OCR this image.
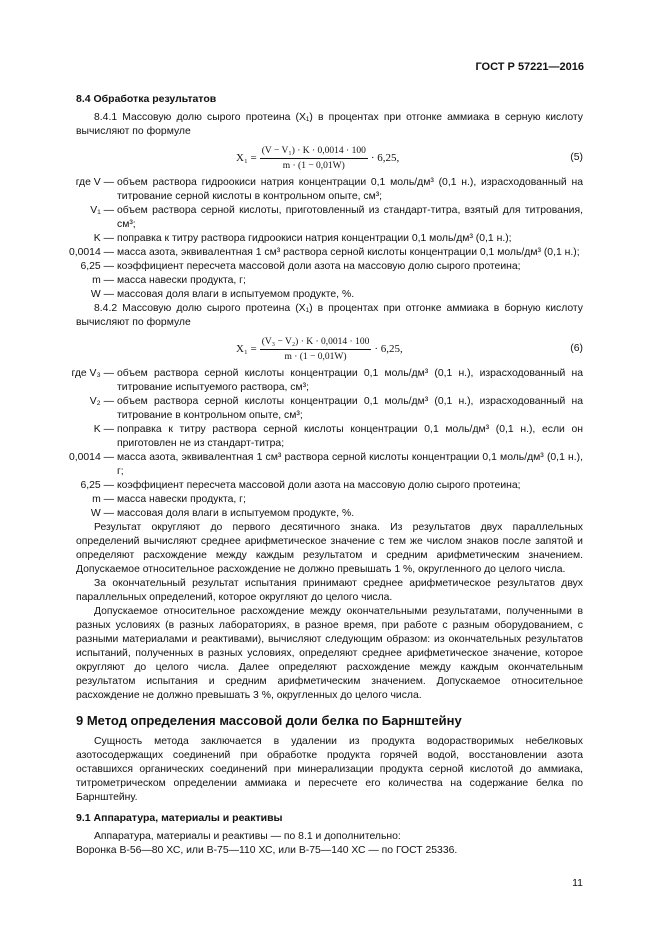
ГОСТ Р 57221—2016
8.4 Обработка результатов

8.4.1 Массовую долю сырого протеина (X₁) в процентах при отгонке аммиака в серную кислоту вычисляют по формуле

$X_1 = \frac{\text{(V − V₁) · K · 0,0014 · 100}}{m \cdot (1 - 0,01W)} \cdot 6,25$,	(5)
где V — объем раствора гидроокиси натрия концентрации 0,1 моль/дм³ (0,1 н.), израсходованный на титрование серной кислоты в контрольном опыте, см³;
V₁ — объем раствора серной кислоты, приготовленный из стандарт-титра, взятый для титрования, см³;
K — поправка к титру раствора гидроокиси натрия концентрации 0,1 моль/дм³ (0,1 н.);
0,0014 — масса азота, эквивалентная 1 см³ раствора серной кислоты концентрации 0,1 моль/дм³ (0,1 н.);
6,25 — коэффициент пересчета массовой доли азота на массовую долю сырого протеина;
m — масса навески продукта, г;
W — массовая доля влаги в испытуемом продукте, %.

8.4.2 Массовую долю сырого протеина (X₁) в процентах при отгонке аммиака в борную кислоту вычисляют по формуле

$X_1 = \frac{\text{(V₃ − V₂) · K · 0,0014 · 100}}{m \cdot (1 - 0,01W)} \cdot 6,25$,	(6)
где V₃ — объем раствора серной кислоты концентрации 0,1 моль/дм³ (0,1 н.), израсходованный на титрование испытуемого раствора, см³;
V₂ — объем раствора серной кислоты концентрации 0,1 моль/дм³ (0,1 н.), израсходованный на титрование в контрольном опыте, см³;
K — поправка к титру раствора серной кислоты концентрации 0,1 моль/дм³ (0,1 н.), если он приготовлен не из стандарт-титра;
0,0014 — масса азота, эквивалентная 1 см³ раствора серной кислоты концентрации 0,1 моль/дм³ (0,1 н.), г;
6,25 — коэффициент пересчета массовой доли азота на массовую долю сырого протеина;
m — масса навески продукта, г;
W — массовая доля влаги в испытуемом продукте, %.

Результат округляют до первого десятичного знака. Из результатов двух параллельных определений вычисляют среднее арифметическое значение с тем же числом знаков после запятой и определяют расхождение между каждым результатом и средним арифметическим значением. Допускаемое относительное расхождение не должно превышать 1 %, округленного до целого числа.

За окончательный результат испытания принимают среднее арифметическое результатов двух параллельных определений, которое округляют до целого числа.

Допускаемое относительное расхождение между окончательными результатами, полученными в разных условиях (в разных лабораториях, в разное время, при работе с разным оборудованием, с разными материалами и реактивами), вычисляют следующим образом: из окончательных результатов испытаний, полученных в разных условиях, определяют среднее арифметическое значение, которое округляют до целого числа. Далее определяют расхождение между каждым окончательным результатом испытания и средним арифметическим значением. Допускаемое относительное расхождение не должно превышать 3 %, округленных до целого числа.

9 Метод определения массовой доли белка по Барнштейну

Сущность метода заключается в удалении из продукта водорастворимых небелковых азотосодержащих соединений при обработке продукта горячей водой, восстановлении азота оставшихся органических соединений при минерализации продукта серной кислотой до аммиака, титрометрическом определении аммиака и пересчете его количества на содержание белка по Барнштейну.

9.1 Аппаратура, материалы и реактивы

Аппаратура, материалы и реактивы — по 8.1 и дополнительно:

Воронка В-56—80 ХС, или В-75—110 ХС, или В-75—140 ХС — по ГОСТ 25336.

11
